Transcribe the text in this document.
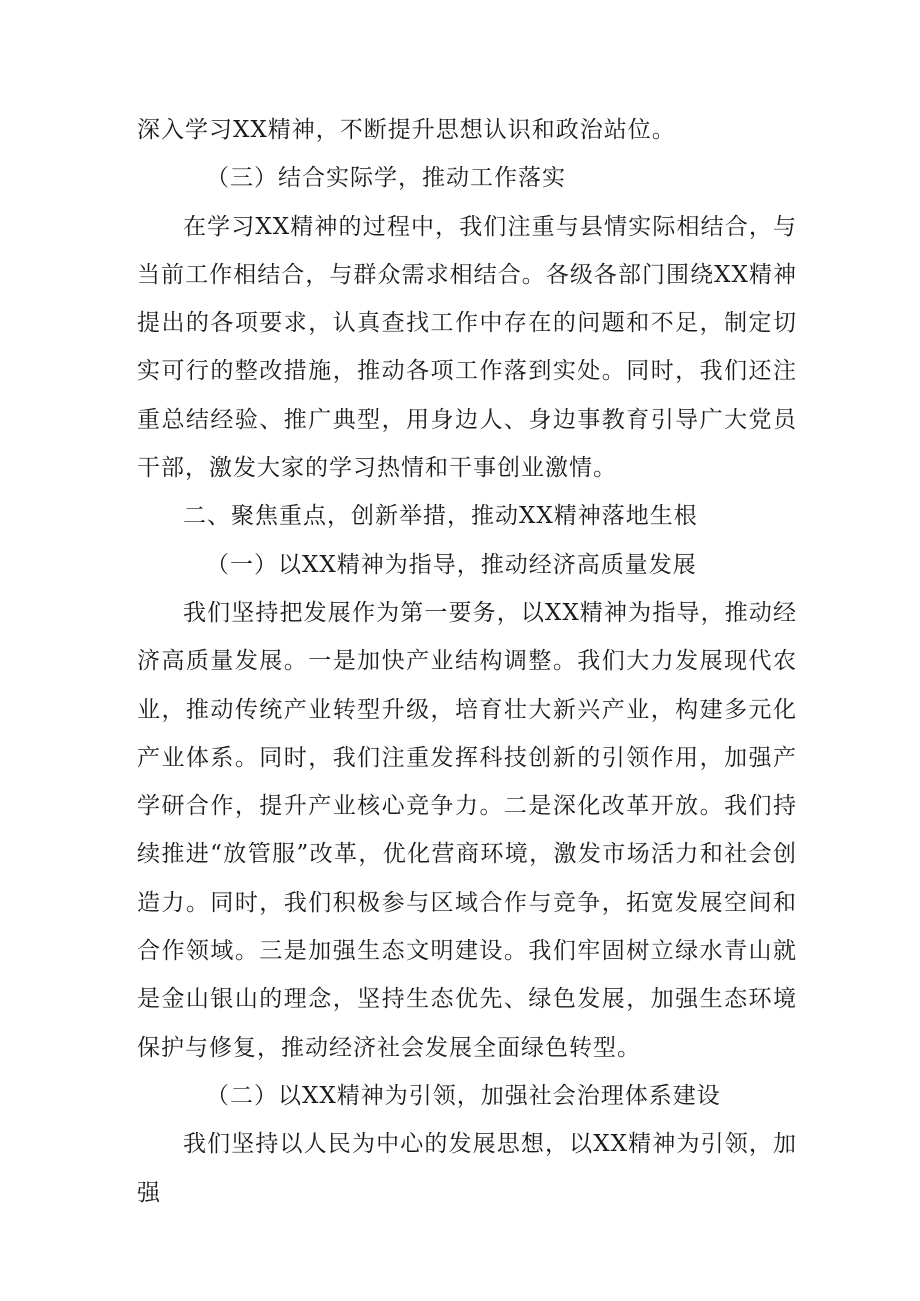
深入学习XX精神，不断提升思想认识和政治站位。

（三）结合实际学，推动工作落实

在学习XX精神的过程中，我们注重与县情实际相结合，与当前工作相结合，与群众需求相结合。各级各部门围绕XX精神提出的各项要求，认真查找工作中存在的问题和不足，制定切实可行的整改措施，推动各项工作落到实处。同时，我们还注重总结经验、推广典型，用身边人、身边事教育引导广大党员干部，激发大家的学习热情和干事创业激情。

二、聚焦重点，创新举措，推动XX精神落地生根

（一）以XX精神为指导，推动经济高质量发展

我们坚持把发展作为第一要务，以XX精神为指导，推动经济高质量发展。一是加快产业结构调整。我们大力发展现代农业，推动传统产业转型升级，培育壮大新兴产业，构建多元化产业体系。同时，我们注重发挥科技创新的引领作用，加强产学研合作，提升产业核心竞争力。二是深化改革开放。我们持续推进“放管服”改革，优化营商环境，激发市场活力和社会创造力。同时，我们积极参与区域合作与竞争，拓宽发展空间和合作领域。三是加强生态文明建设。我们牢固树立绿水青山就是金山银山的理念，坚持生态优先、绿色发展，加强生态环境保护与修复，推动经济社会发展全面绿色转型。

（二）以XX精神为引领，加强社会治理体系建设

我们坚持以人民为中心的发展思想，以XX精神为引领，加强
